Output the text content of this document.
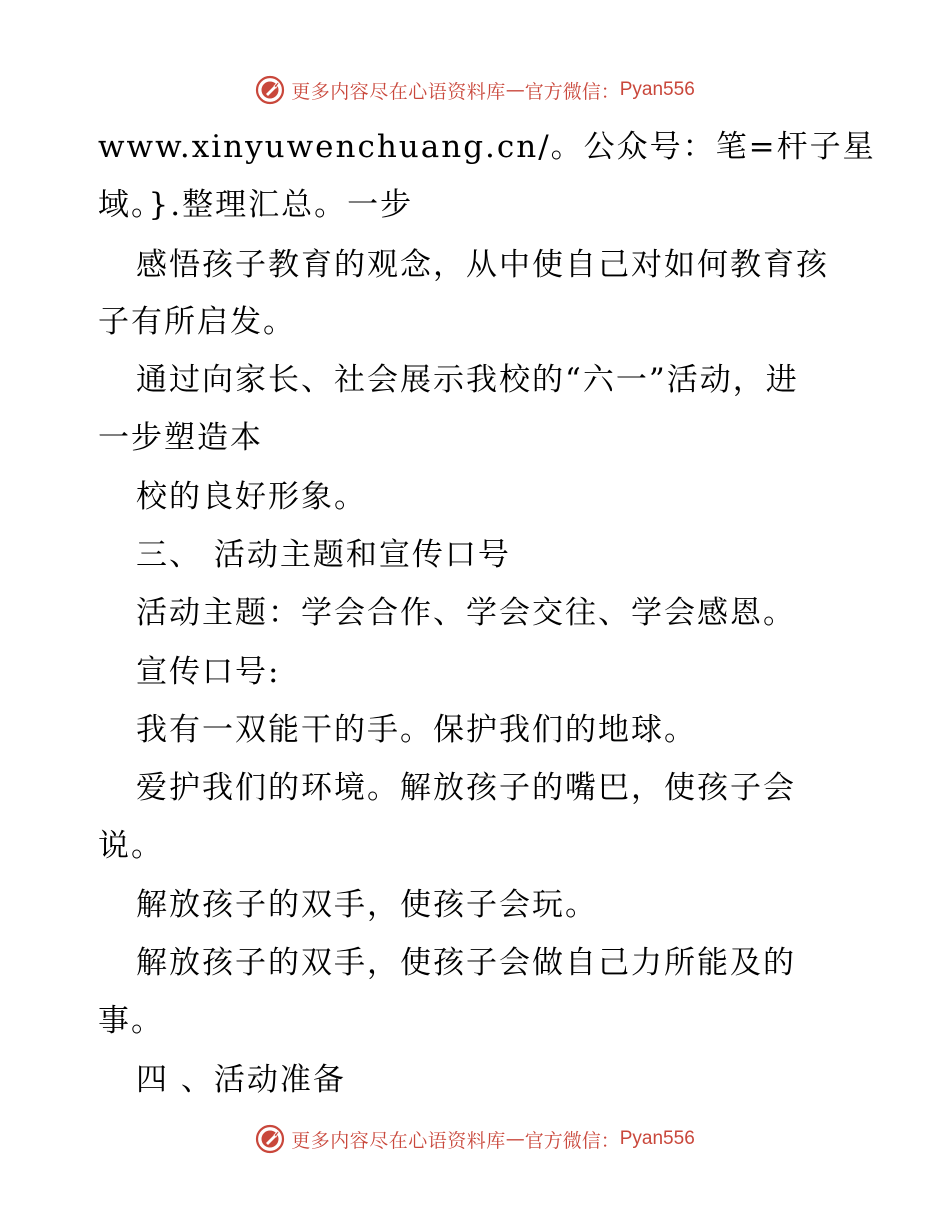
更多内容尽在心语资料库 — 官方微信： Pyan556
www.xinyuwenchuang.cn/。公众号：笔=杆子星
域。}.整理汇总。一步
感悟孩子教育的观念，从中使自己对如何教育孩
子有所启发。
通过向家长、社会展示我校的“六一”活动，进
一步塑造本
校的良好形象。
三、 活动主题和宣传口号
活动主题：学会合作、学会交往、学会感恩。
宣传口号:
我有一双能干的手。保护我们的地球。
爱护我们的环境。解放孩子的嘴巴，使孩子会
说。
解放孩子的双手，使孩子会玩。
解放孩子的双手，使孩子会做自己力所能及的
事。
四 、活动准备
更多内容尽在心语资料库 — 官方微信： Pyan556
